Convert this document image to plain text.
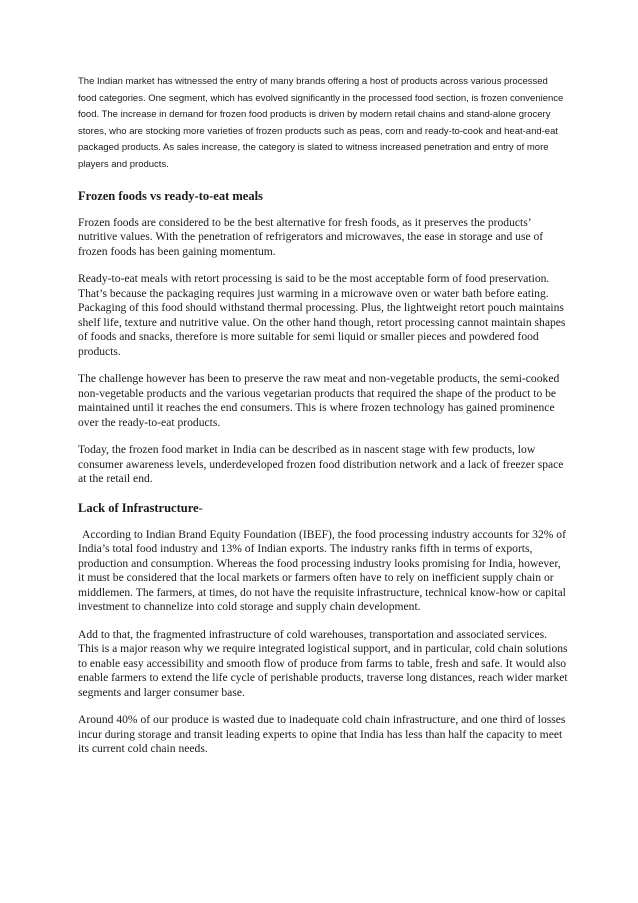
The Indian market has witnessed the entry of many brands offering a host of products across various processed food categories. One segment, which has evolved significantly in the processed food section, is frozen convenience food. The increase in demand for frozen food products is driven by modern retail chains and stand-alone grocery stores, who are stocking more varieties of frozen products such as peas, corn and ready-to-cook and heat-and-eat packaged products. As sales increase, the category is slated to witness increased penetration and entry of more players and products.

Frozen foods vs ready-to-eat meals

Frozen foods are considered to be the best alternative for fresh foods, as it preserves the products’ nutritive values. With the penetration of refrigerators and microwaves, the ease in storage and use of frozen foods has been gaining momentum.

Ready-to-eat meals with retort processing is said to be the most acceptable form of food preservation. That’s because the packaging requires just warming in a microwave oven or water bath before eating. Packaging of this food should withstand thermal processing. Plus, the lightweight retort pouch maintains shelf life, texture and nutritive value. On the other hand though, retort processing cannot maintain shapes of foods and snacks, therefore is more suitable for semi liquid or smaller pieces and powdered food products.

The challenge however has been to preserve the raw meat and non-vegetable products, the semi-cooked non-vegetable products and the various vegetarian products that required the shape of the product to be maintained until it reaches the end consumers. This is where frozen technology has gained prominence over the ready-to-eat products.

Today, the frozen food market in India can be described as in nascent stage with few products, low consumer awareness levels, underdeveloped frozen food distribution network and a lack of freezer space at the retail end.

Lack of Infrastructure-

According to Indian Brand Equity Foundation (IBEF), the food processing industry accounts for 32% of India’s total food industry and 13% of Indian exports. The industry ranks fifth in terms of exports, production and consumption. Whereas the food processing industry looks promising for India, however, it must be considered that the local markets or farmers often have to rely on inefficient supply chain or middlemen. The farmers, at times, do not have the requisite infrastructure, technical know-how or capital investment to channelize into cold storage and supply chain development.

Add to that, the fragmented infrastructure of cold warehouses, transportation and associated services. This is a major reason why we require integrated logistical support, and in particular, cold chain solutions to enable easy accessibility and smooth flow of produce from farms to table, fresh and safe. It would also enable farmers to extend the life cycle of perishable products, traverse long distances, reach wider market segments and larger consumer base.

Around 40% of our produce is wasted due to inadequate cold chain infrastructure, and one third of losses incur during storage and transit leading experts to opine that India has less than half the capacity to meet its current cold chain needs.
